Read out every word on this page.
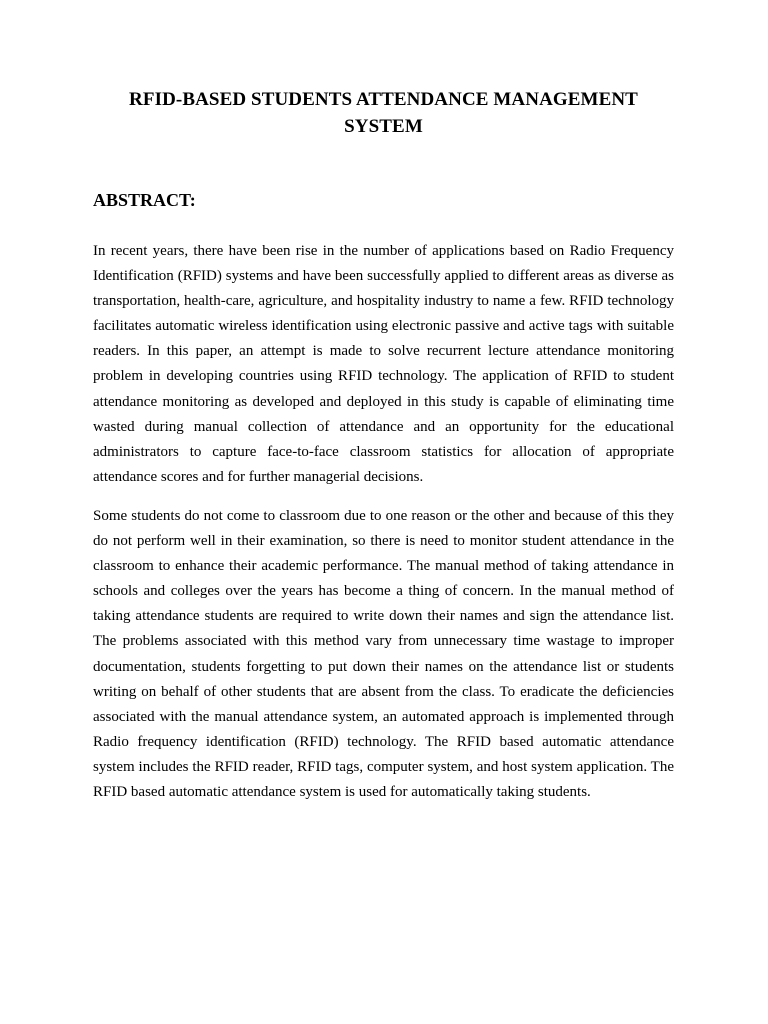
RFID-BASED STUDENTS ATTENDANCE MANAGEMENT SYSTEM
ABSTRACT:

In recent years, there have been rise in the number of applications based on Radio Frequency Identification (RFID) systems and have been successfully applied to different areas as diverse as transportation, health-care, agriculture, and hospitality industry to name a few. RFID technology facilitates automatic wireless identification using electronic passive and active tags with suitable readers. In this paper, an attempt is made to solve recurrent lecture attendance monitoring problem in developing countries using RFID technology. The application of RFID to student attendance monitoring as developed and deployed in this study is capable of eliminating time wasted during manual collection of attendance and an opportunity for the educational administrators to capture face-to-face classroom statistics for allocation of appropriate attendance scores and for further managerial decisions.

Some students do not come to classroom due to one reason or the other and because of this they do not perform well in their examination, so there is need to monitor student attendance in the classroom to enhance their academic performance. The manual method of taking attendance in schools and colleges over the years has become a thing of concern. In the manual method of taking attendance students are required to write down their names and sign the attendance list. The problems associated with this method vary from unnecessary time wastage to improper documentation, students forgetting to put down their names on the attendance list or students writing on behalf of other students that are absent from the class. To eradicate the deficiencies associated with the manual attendance system, an automated approach is implemented through Radio frequency identification (RFID) technology. The RFID based automatic attendance system includes the RFID reader, RFID tags, computer system, and host system application. The RFID based automatic attendance system is used for automatically taking students.
